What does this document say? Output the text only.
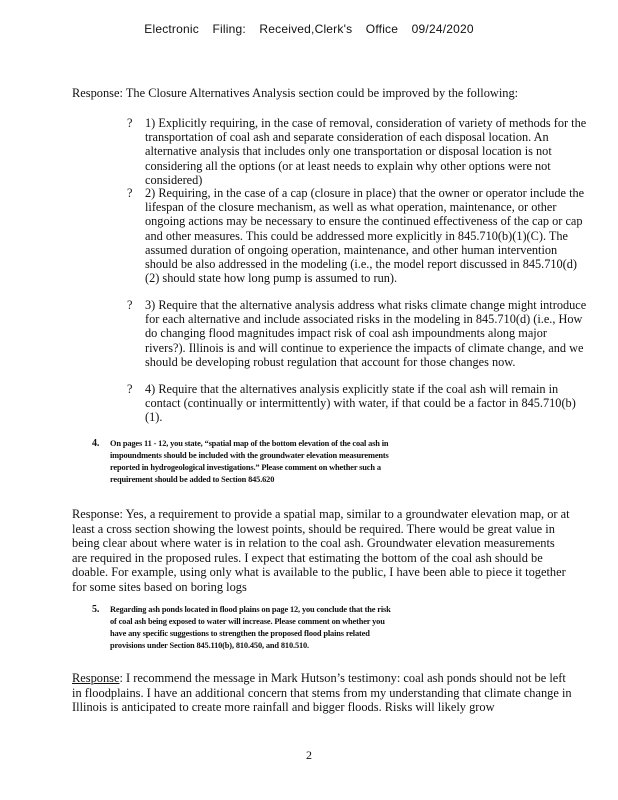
Electronic Filing: Received,Clerk's Office 09/24/2020

Response: The Closure Alternatives Analysis section could be improved by the following:

? 1) Explicitly requiring, in the case of removal, consideration of variety of methods for the transportation of coal ash and separate consideration of each disposal location. An alternative analysis that includes only one transportation or disposal location is not considering all the options (or at least needs to explain why other options were not considered)
? 2) Requiring, in the case of a cap (closure in place) that the owner or operator include the lifespan of the closure mechanism, as well as what operation, maintenance, or other ongoing actions may be necessary to ensure the continued effectiveness of the cap or cap and other measures. This could be addressed more explicitly in 845.710(b)(1)(C). The assumed duration of ongoing operation, maintenance, and other human intervention should be also addressed in the modeling (i.e., the model report discussed in 845.710(d)(2) should state how long pump is assumed to run).
? 3) Require that the alternative analysis address what risks climate change might introduce for each alternative and include associated risks in the modeling in 845.710(d) (i.e., How do changing flood magnitudes impact risk of coal ash impoundments along major rivers?). Illinois is and will continue to experience the impacts of climate change, and we should be developing robust regulation that account for those changes now.
? 4) Require that the alternatives analysis explicitly state if the coal ash will remain in contact (continually or intermittently) with water, if that could be a factor in 845.710(b)(1).
4. On pages 11 - 12, you state, “spatial map of the bottom elevation of the coal ash in
impoundments should be included with the groundwater elevation measurements
reported in hydrogeological investigations.” Please comment on whether such a
requirement should be added to Section 845.620

Response: Yes, a requirement to provide a spatial map, similar to a groundwater elevation map, or at least a cross section showing the lowest points, should be required. There would be great value in being clear about where water is in relation to the coal ash. Groundwater elevation measurements are required in the proposed rules. I expect that estimating the bottom of the coal ash should be doable. For example, using only what is available to the public, I have been able to piece it together for some sites based on boring logs

5. Regarding ash ponds located in flood plains on page 12, you conclude that the risk
of coal ash being exposed to water will increase. Please comment on whether you
have any specific suggestions to strengthen the proposed flood plains related
provisions under Section 845.110(b), 810.450, and 810.510.

Response: I recommend the message in Mark Hutson’s testimony: coal ash ponds should not be left in floodplains. I have an additional concern that stems from my understanding that climate change in Illinois is anticipated to create more rainfall and bigger floods. Risks will likely grow

2
